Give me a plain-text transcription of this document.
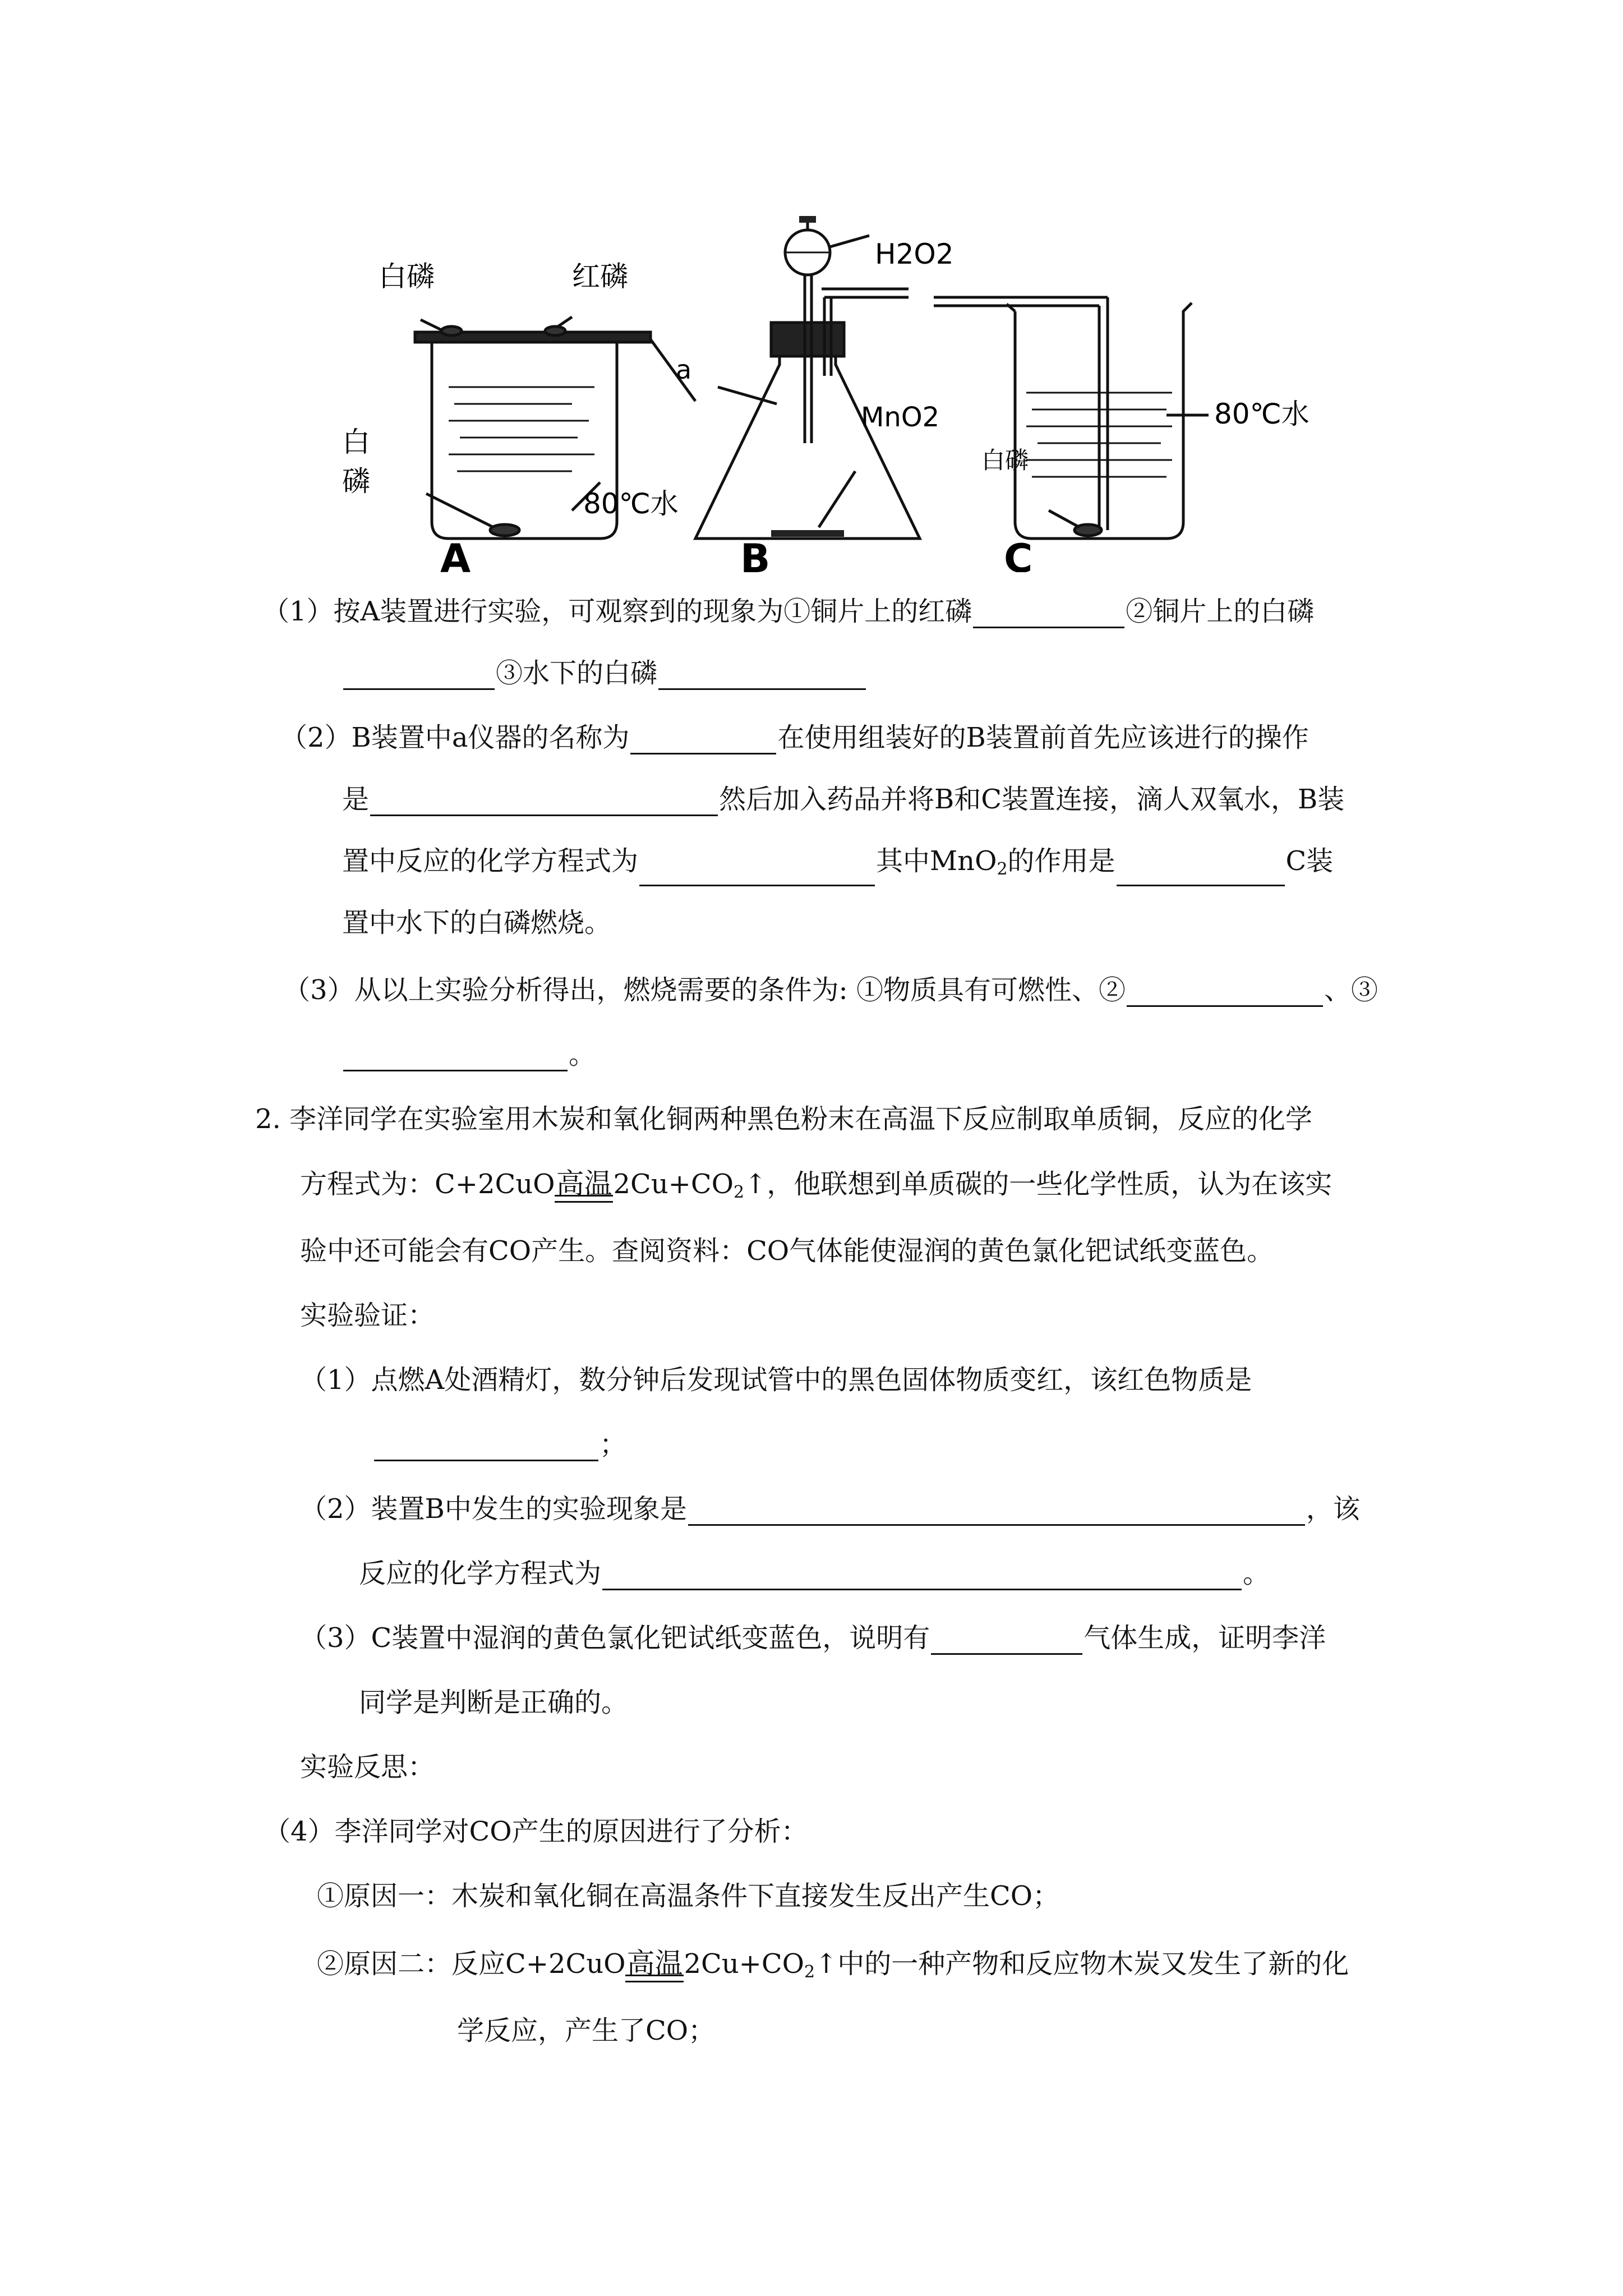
白磷	红磷
白
磷
80℃水
A
H2O2
a
MnO2
B
白磷
80℃水
C
（1）按A装置进行实验，可观察到的现象为①铜片上的红磷	②铜片上的白磷
③水下的白磷
（2）B装置中a仪器的名称为	在使用组装好的B装置前首先应该进行的操作
是	然后加入药品并将B和C装置连接，滴人双氧水，B装
置中反应的化学方程式为	其中MnO$_2$的作用是	C装
置中水下的白磷燃烧。
（3）从以上实验分析得出，燃烧需要的条件为: ①物质具有可燃性、②	、③
。
2. 李洋同学在实验室用木炭和氧化铜两种黑色粉末在高温下反应制取单质铜，反应的化学
方程式为：C+2CuO高温$2Cu+CO_2↑$，他联想到单质碳的一些化学性质，认为在该实
验中还可能会有CO产生。查阅资料：CO气体能使湿润的黄色氯化钯试纸变蓝色。
实验验证：
（1）点燃A处酒精灯，数分钟后发现试管中的黑色固体物质变红，该红色物质是
；
（2）装置B中发生的实验现象是	，该
反应的化学方程式为	。
（3）C装置中湿润的黄色氯化钯试纸变蓝色，说明有	气体生成，证明李洋
同学是判断是正确的。
实验反思：
（4）李洋同学对CO产生的原因进行了分析：
①原因一：木炭和氧化铜在高温条件下直接发生反出产生CO；
②原因二：反应C+2CuO高温$2Cu+CO_2↑$中的一种产物和反应物木炭又发生了新的化
学反应，产生了CO；
